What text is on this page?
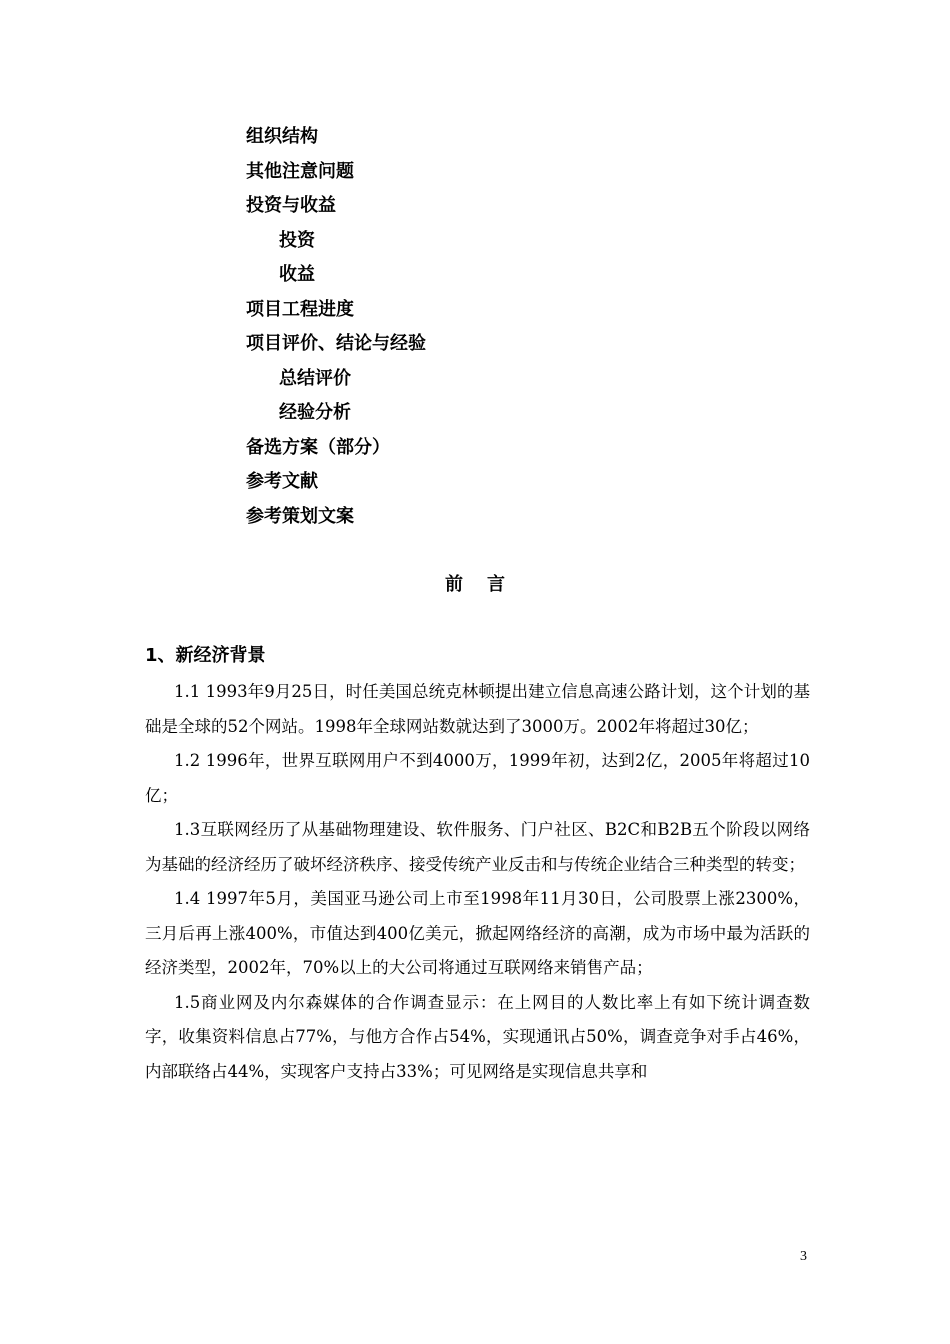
组织结构
其他注意问题
投资与收益
投资
收益
项目工程进度
项目评价、结论与经验
总结评价
经验分析
备选方案（部分）
参考文献
参考策划文案
前言
1、新经济背景

1.1 1993年9月25日，时任美国总统克林顿提出建立信息高速公路计划，这个计划的基础是全球的52个网站。1998年全球网站数就达到了3000万。2002年将超过30亿；

1.2 1996年，世界互联网用户不到4000万，1999年初，达到2亿，2005年将超过10亿；

1.3互联网经历了从基础物理建设、软件服务、门户社区、B2C和B2B五个阶段以网络为基础的经济经历了破坏经济秩序、接受传统产业反击和与传统企业结合三种类型的转变；

1.4 1997年5月，美国亚马逊公司上市至1998年11月30日，公司股票上涨2300%，三月后再上涨400%，市值达到400亿美元，掀起网络经济的高潮，成为市场中最为活跃的经济类型，2002年，70%以上的大公司将通过互联网络来销售产品；

1.5商业网及内尔森媒体的合作调查显示：在上网目的人数比率上有如下统计调查数字，收集资料信息占77%，与他方合作占54%，实现通讯占50%，调查竞争对手占46%，内部联络占44%，实现客户支持占33%；可见网络是实现信息共享和

3
